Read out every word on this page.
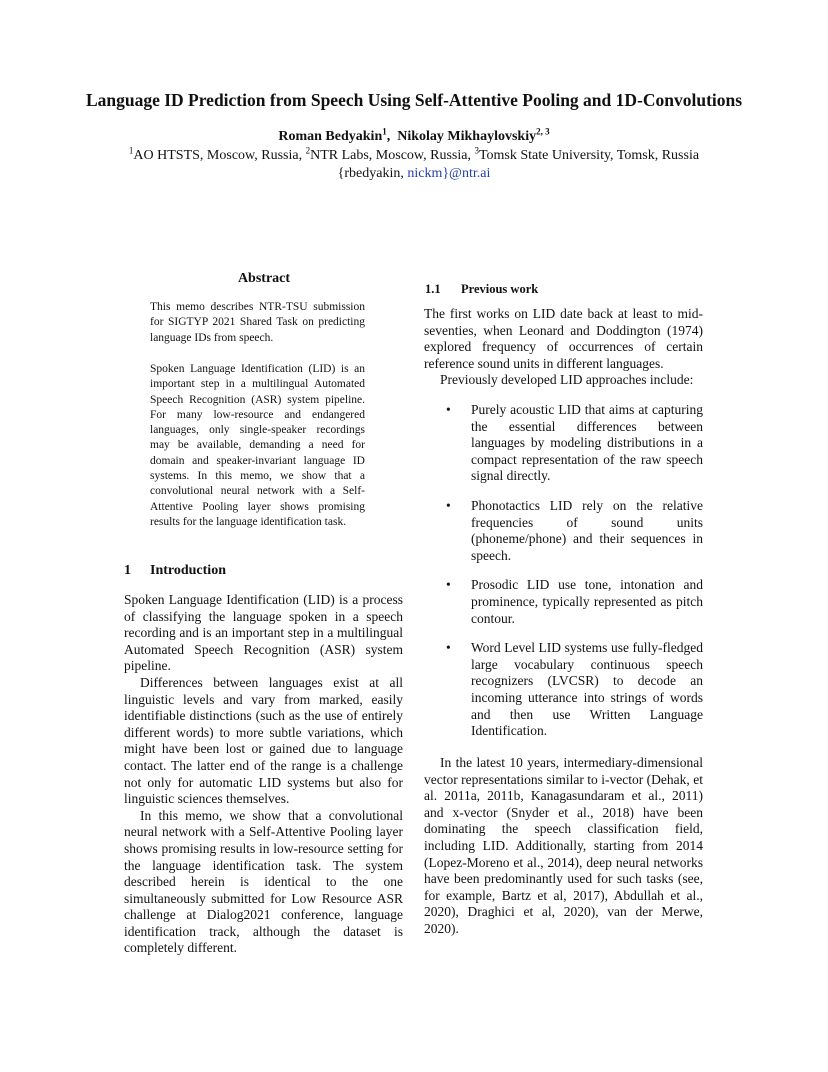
Language ID Prediction from Speech Using Self-Attentive Pooling and 1D-Convolutions
Roman Bedyakin$^1$,  Nikolay Mikhaylovskiy$^{2, 3}$
$^1$AO HTSTS, Moscow, Russia, $^2$NTR Labs, Moscow, Russia, $^3$Tomsk State University, Tomsk, Russia
{rbedyakin, nickm}@ntr.ai
Abstract
This memo describes NTR-TSU submission for SIGTYP 2021 Shared Task on predicting language IDs from speech.
Spoken Language Identification (LID) is an important step in a multilingual Automated Speech Recognition (ASR) system pipeline. For many low-resource and endangered languages, only single-speaker recordings may be available, demanding a need for domain and speaker-invariant language ID systems. In this memo, we show that a convolutional neural network with a Self-Attentive Pooling layer shows promising results for the language identification task.
1 Introduction

Spoken Language Identification (LID) is a process of classifying the language spoken in a speech recording and is an important step in a multilingual Automated Speech Recognition (ASR) system pipeline.

Differences between languages exist at all linguistic levels and vary from marked, easily identifiable distinctions (such as the use of entirely different words) to more subtle variations, which might have been lost or gained due to language contact. The latter end of the range is a challenge not only for automatic LID systems but also for linguistic sciences themselves.

In this memo, we show that a convolutional neural network with a Self-Attentive Pooling layer shows promising results in low-resource setting for the language identification task. The system described herein is identical to the one simultaneously submitted for Low Resource ASR challenge at Dialog2021 conference, language identification track, although the dataset is completely different.

1.1 Previous work

The first works on LID date back at least to mid-seventies, when Leonard and Doddington (1974) explored frequency of occurrences of certain reference sound units in different languages.

Previously developed LID approaches include:

• Purely acoustic LID that aims at capturing the essential differences between languages by modeling distributions in a compact representation of the raw speech signal directly.
• Phonotactics LID rely on the relative frequencies of sound units (phoneme/phone) and their sequences in speech.
• Prosodic LID use tone, intonation and prominence, typically represented as pitch contour.
• Word Level LID systems use fully-fledged large vocabulary continuous speech recognizers (LVCSR) to decode an incoming utterance into strings of words and then use Written Language Identification.

In the latest 10 years, intermediary-dimensional vector representations similar to i-vector (Dehak, et al. 2011a, 2011b, Kanagasundaram et al., 2011) and x-vector (Snyder et al., 2018) have been dominating the speech classification field, including LID. Additionally, starting from 2014 (Lopez-Moreno et al., 2014), deep neural networks have been predominantly used for such tasks (see, for example, Bartz et al, 2017), Abdullah et al., 2020), Draghici et al, 2020), van der Merwe, 2020).
